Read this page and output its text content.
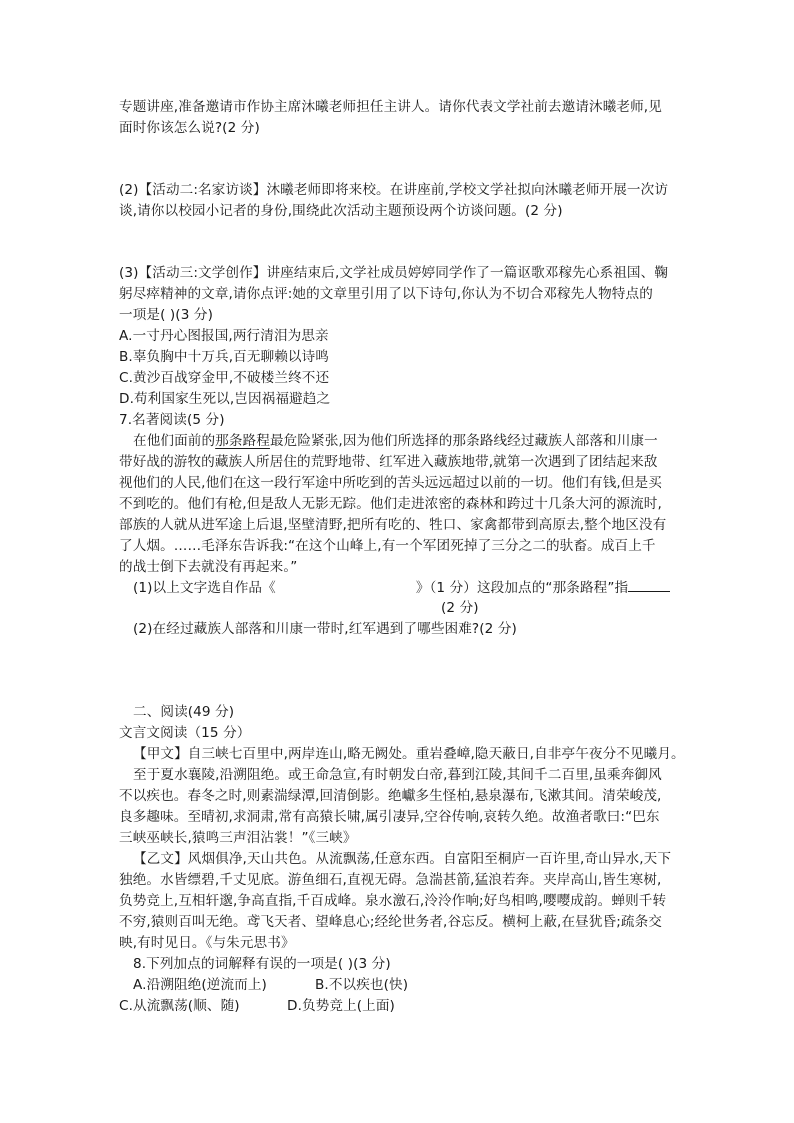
专题讲座,准备邀请市作协主席沐曦老师担任主讲人。请你代表文学社前去邀请沐曦老师,见
面时你该怎么说?(2 分)
(2)【活动二:名家访谈】沐曦老师即将来校。在讲座前,学校文学社拟向沐曦老师开展一次访
谈,请你以校园小记者的身份,围绕此次活动主题预设两个访谈问题。(2 分)
(3)【活动三:文学创作】讲座结束后,文学社成员婷婷同学作了一篇讴歌邓稼先心系祖国、鞠
躬尽瘁精神的文章,请你点评:她的文章里引用了以下诗句,你认为不切合邓稼先人物特点的
一项是( )(3 分)
A.一寸丹心图报国,两行清泪为思亲
B.辜负胸中十万兵,百无聊赖以诗鸣
C.黄沙百战穿金甲,不破楼兰终不还
D.苟利国家生死以,岂因祸福避趋之
7.名著阅读(5 分)
在他们面前的那条路程最危险紧张,因为他们所选择的那条路线经过藏族人部落和川康一
带好战的游牧的藏族人所居住的荒野地带、红军进入藏族地带,就第一次遇到了团结起来敌
视他们的人民,他们在这一段行军途中所吃到的苦头远远超过以前的一切。他们有钱,但是买
不到吃的。他们有枪,但是敌人无影无踪。他们走进浓密的森林和跨过十几条大河的源流时,
部族的人就从进军途上后退,坚壁清野,把所有吃的、牲口、家禽都带到高原去,整个地区没有
了人烟。……毛泽东告诉我:“在这个山峰上,有一个军团死掉了三分之二的驮畜。成百上千
的战士倒下去就没有再起来。”
(1)以上文字选自作品《	》（1 分）这段加点的“那条路程”指
(2 分)
(2)在经过藏族人部落和川康一带时,红军遇到了哪些困难?(2 分)
二、阅读(49 分)
文言文阅读（15 分）
【甲文】自三峡七百里中,两岸连山,略无阙处。重岩叠嶂,隐天蔽日,自非亭午夜分不见曦月。
至于夏水襄陵,沿溯阻绝。或王命急宣,有时朝发白帝,暮到江陵,其间千二百里,虽乘奔御风
不以疾也。春冬之时,则素湍绿潭,回清倒影。绝巘多生怪柏,悬泉瀑布,飞漱其间。清荣峻茂,
良多趣味。至晴初,求洞肃,常有高猿长啸,属引凄异,空谷传响,哀转久绝。故渔者歌曰:“巴东
三峡巫峡长,猿鸣三声泪沾裳！”《三峡》
【乙文】风烟俱净,天山共色。从流飘荡,任意东西。自富阳至桐庐一百许里,奇山异水,天下
独绝。水皆缥碧,千丈见底。游鱼细石,直视无碍。急湍甚箭,猛浪若奔。夹岸高山,皆生寒树,
负势竞上,互相轩邈,争高直指,千百成峰。泉水激石,泠泠作响;好鸟相鸣,嘤嘤成韵。蝉则千转
不穷,猿则百叫无绝。鸢飞天者、望峰息心;经纶世务者,谷忘反。横柯上蔽,在昼犹昏;疏条交
映,有时见日。《与朱元思书》
8.下列加点的词解释有误的一项是( )(3 分)
A.沿溯阻绝(逆流而上)	B.不以疾也(快)
C.从流飘荡(顺、随)	D.负势竞上(上面)
